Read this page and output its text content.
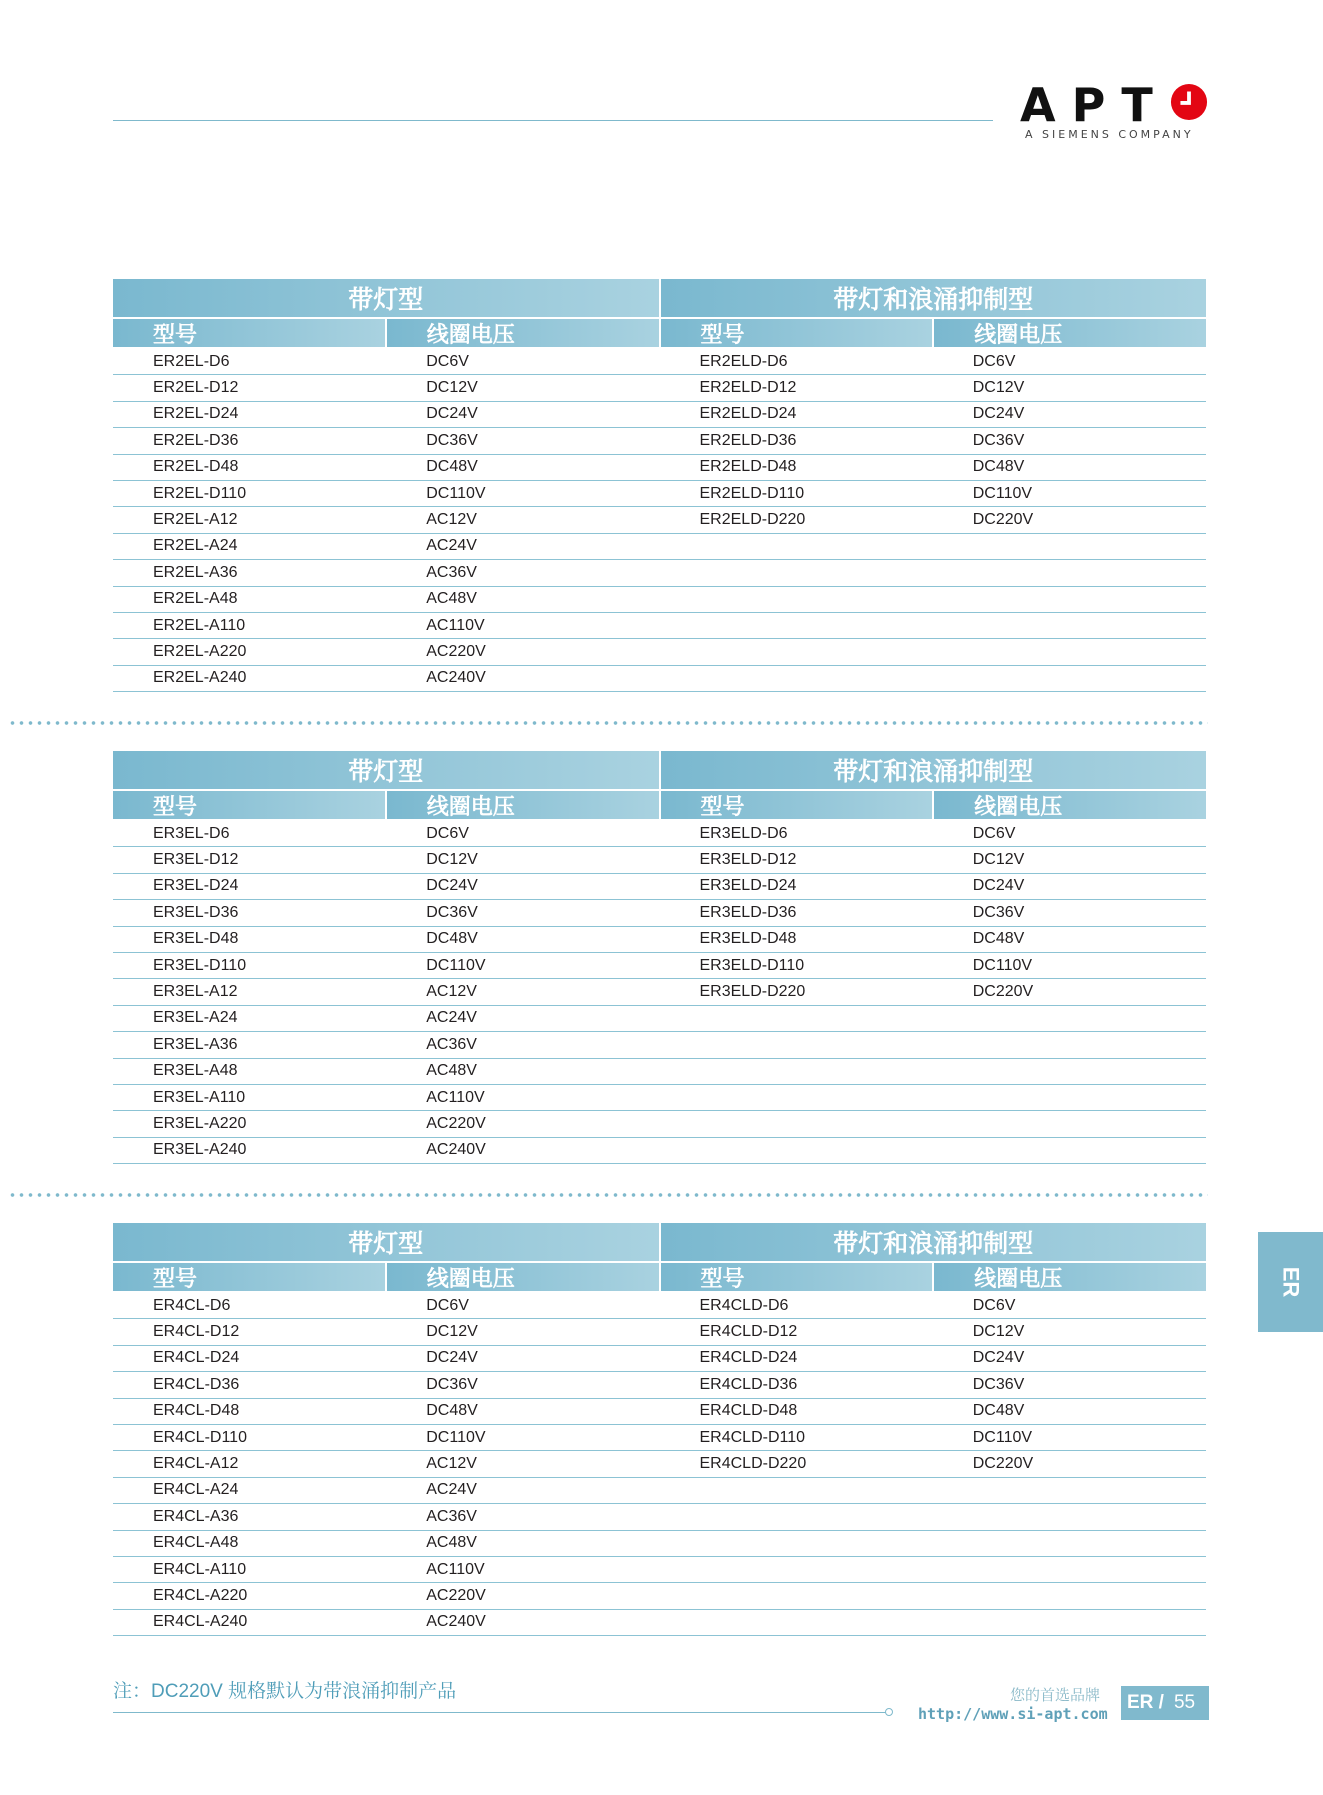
APT
A SIEMENS COMPANY
带灯型	带灯和浪涌抑制型
型号	线圈电压	型号	线圈电压
ER2EL-D6	DC6V	ER2ELD-D6	DC6V
ER2EL-D12	DC12V	ER2ELD-D12	DC12V
ER2EL-D24	DC24V	ER2ELD-D24	DC24V
ER2EL-D36	DC36V	ER2ELD-D36	DC36V
ER2EL-D48	DC48V	ER2ELD-D48	DC48V
ER2EL-D110	DC110V	ER2ELD-D110	DC110V
ER2EL-A12	AC12V	ER2ELD-D220	DC220V
ER2EL-A24	AC24V
ER2EL-A36	AC36V
ER2EL-A48	AC48V
ER2EL-A110	AC110V
ER2EL-A220	AC220V
ER2EL-A240	AC240V
带灯型	带灯和浪涌抑制型
型号	线圈电压	型号	线圈电压
ER3EL-D6	DC6V	ER3ELD-D6	DC6V
ER3EL-D12	DC12V	ER3ELD-D12	DC12V
ER3EL-D24	DC24V	ER3ELD-D24	DC24V
ER3EL-D36	DC36V	ER3ELD-D36	DC36V
ER3EL-D48	DC48V	ER3ELD-D48	DC48V
ER3EL-D110	DC110V	ER3ELD-D110	DC110V
ER3EL-A12	AC12V	ER3ELD-D220	DC220V
ER3EL-A24	AC24V
ER3EL-A36	AC36V
ER3EL-A48	AC48V
ER3EL-A110	AC110V
ER3EL-A220	AC220V
ER3EL-A240	AC240V
带灯型	带灯和浪涌抑制型
型号	线圈电压	型号	线圈电压
ER4CL-D6	DC6V	ER4CLD-D6	DC6V
ER4CL-D12	DC12V	ER4CLD-D12	DC12V
ER4CL-D24	DC24V	ER4CLD-D24	DC24V
ER4CL-D36	DC36V	ER4CLD-D36	DC36V
ER4CL-D48	DC48V	ER4CLD-D48	DC48V
ER4CL-D110	DC110V	ER4CLD-D110	DC110V
ER4CL-A12	AC12V	ER4CLD-D220	DC220V
ER4CL-A24	AC24V
ER4CL-A36	AC36V
ER4CL-A48	AC48V
ER4CL-A110	AC110V
ER4CL-A220	AC220V
ER4CL-A240	AC240V
ER
注：DC220V 规格默认为带浪涌抑制产品	您的首选品牌
http://www.si-apt.com
ER / 55
